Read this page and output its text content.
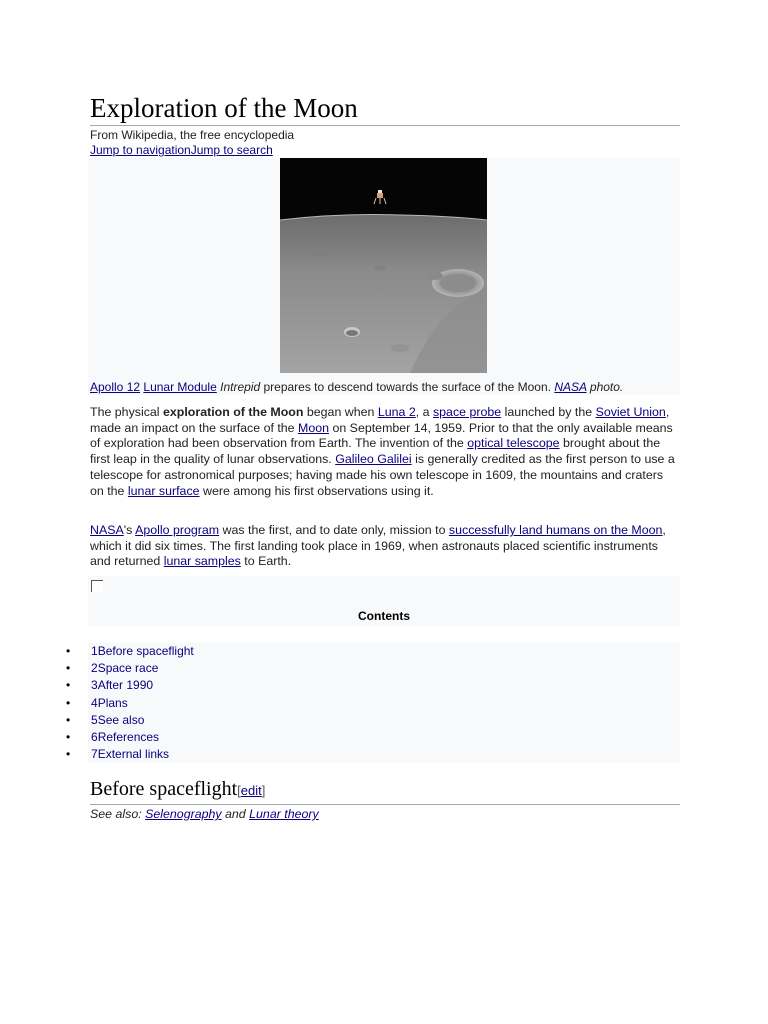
Exploration of the Moon
From Wikipedia, the free encyclopedia
Jump to navigationJump to search
Apollo 12 Lunar Module Intrepid prepares to descend towards the surface of the Moon. NASA photo.

The physical exploration of the Moon began when Luna 2, a space probe launched by the Soviet Union, made an impact on the surface of the Moon on September 14, 1959. Prior to that the only available means of exploration had been observation from Earth. The invention of the optical telescope brought about the first leap in the quality of lunar observations. Galileo Galilei is generally credited as the first person to use a telescope for astronomical purposes; having made his own telescope in 1609, the mountains and craters on the lunar surface were among his first observations using it.

NASA's Apollo program was the first, and to date only, mission to successfully land humans on the Moon, which it did six times. The first landing took place in 1969, when astronauts placed scientific instruments and returned lunar samples to Earth.

Contents
• 1Before spaceflight
• 2Space race
• 3After 1990
• 4Plans
• 5See also
• 6References
• 7External links
Before spaceflight[edit]
See also: Selenography and Lunar theory
